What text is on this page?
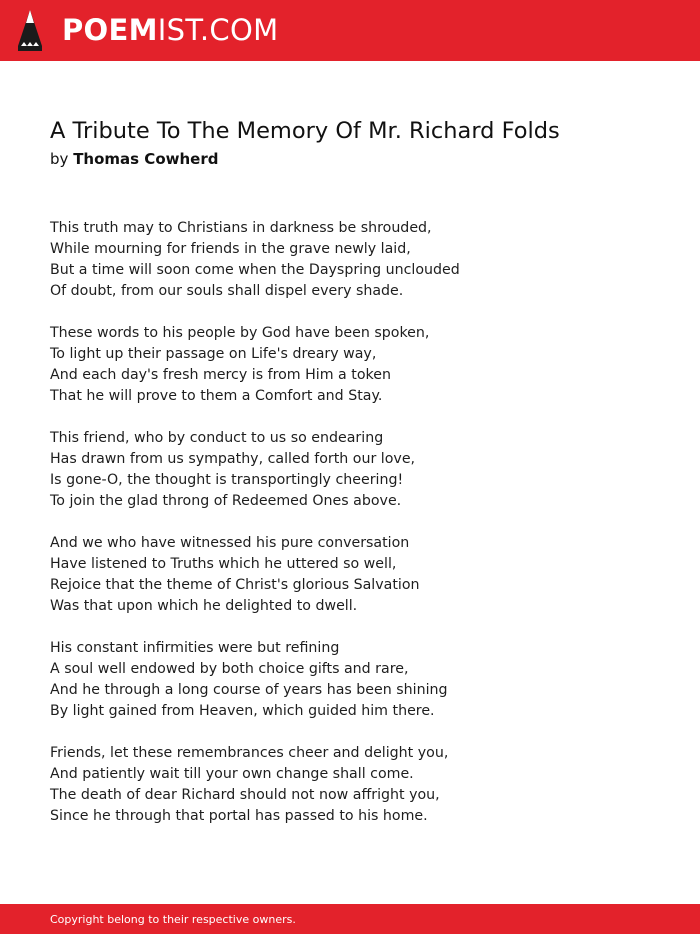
POEMIST.COM
A Tribute To The Memory Of Mr. Richard Folds
by Thomas Cowherd
This truth may to Christians in darkness be shrouded,
While mourning for friends in the grave newly laid,
But a time will soon come when the Dayspring unclouded
Of doubt, from our souls shall dispel every shade.
These words to his people by God have been spoken,
To light up their passage on Life's dreary way,
And each day's fresh mercy is from Him a token
That he will prove to them a Comfort and Stay.
This friend, who by conduct to us so endearing
Has drawn from us sympathy, called forth our love,
Is gone-O, the thought is transportingly cheering!
To join the glad throng of Redeemed Ones above.
And we who have witnessed his pure conversation
Have listened to Truths which he uttered so well,
Rejoice that the theme of Christ's glorious Salvation
Was that upon which he delighted to dwell.
His constant infirmities were but refining
A soul well endowed by both choice gifts and rare,
And he through a long course of years has been shining
By light gained from Heaven, which guided him there.
Friends, let these remembrances cheer and delight you,
And patiently wait till your own change shall come.
The death of dear Richard should not now affright you,
Since he through that portal has passed to his home.
Copyright belong to their respective owners.
